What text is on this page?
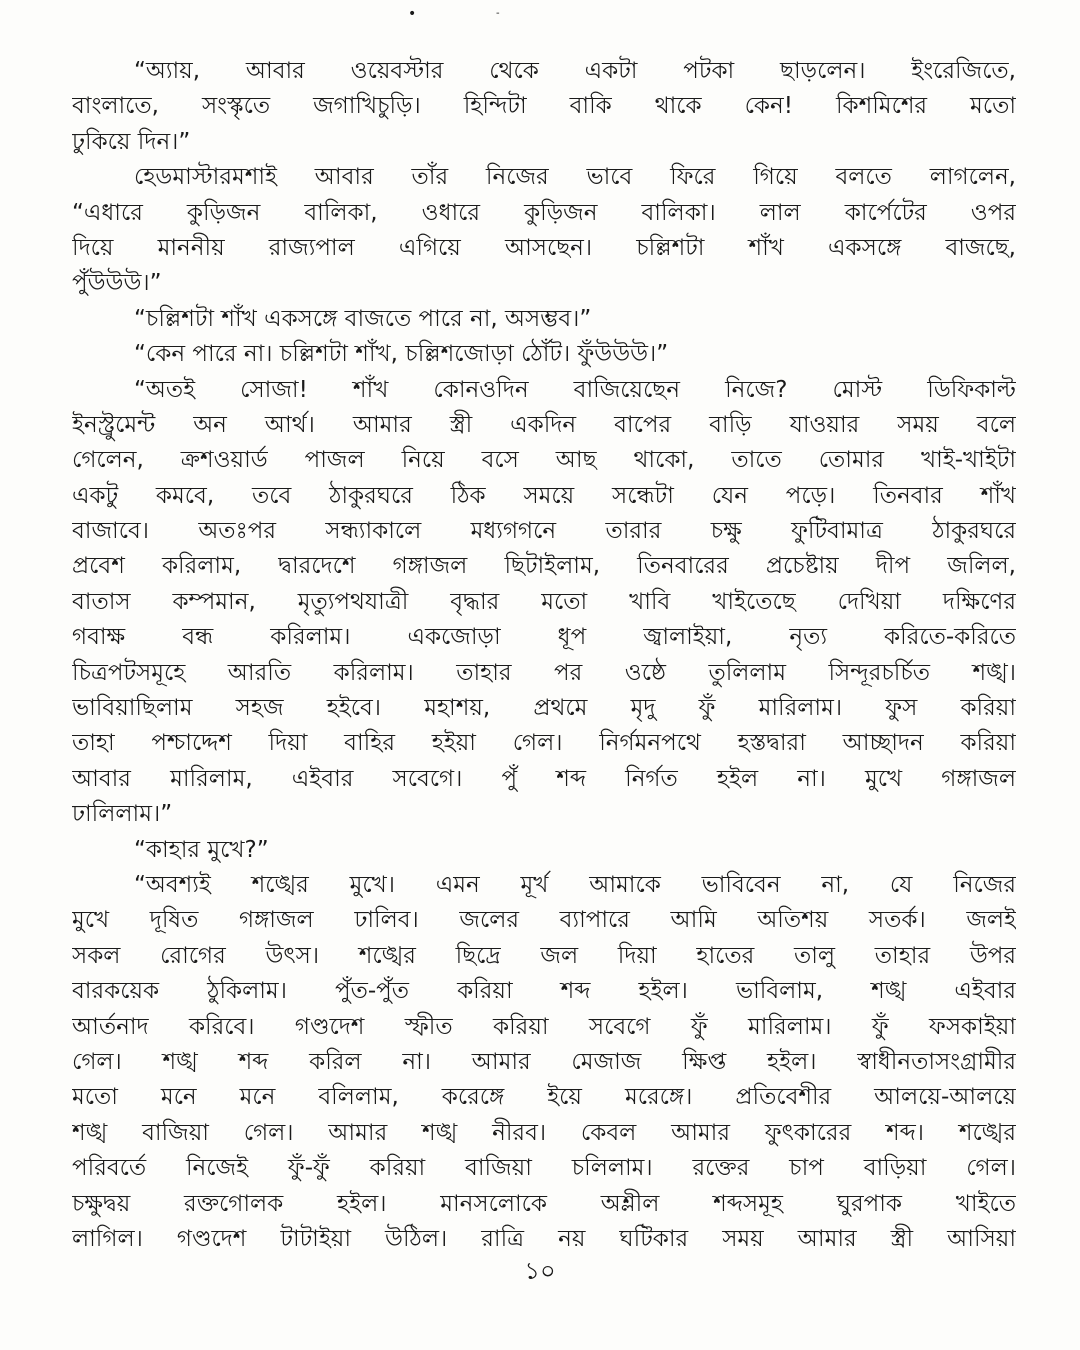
•	-
“অ্যায়, আবার ওয়েবস্টার থেকে একটা পটকা ছাড়লেন। ইংরেজিতে,
বাংলাতে, সংস্কৃতে জগাখিচুড়ি। হিন্দিটা বাকি থাকে কেন! কিশমিশের মতো
ঢুকিয়ে দিন।”
হেডমাস্টারমশাই আবার তাঁর নিজের ভাবে ফিরে গিয়ে বলতে লাগলেন,
“এধারে কুড়িজন বালিকা, ওধারে কুড়িজন বালিকা। লাল কার্পেটের ওপর
দিয়ে মাননীয় রাজ্যপাল এগিয়ে আসছেন। চল্লিশটা শাঁখ একসঙ্গে বাজছে,
পুঁউউউ।”
“চল্লিশটা শাঁখ একসঙ্গে বাজতে পারে না, অসম্ভব।”
“কেন পারে না। চল্লিশটা শাঁখ, চল্লিশজোড়া ঠোঁট। ফুঁউউউ।”
“অতই সোজা! শাঁখ কোনওদিন বাজিয়েছেন নিজে? মোস্ট ডিফিকাল্ট
ইনস্ট্রুমেন্ট অন আর্থ। আমার স্ত্রী একদিন বাপের বাড়ি যাওয়ার সময় বলে
গেলেন, ক্রশওয়ার্ড পাজল নিয়ে বসে আছ থাকো, তাতে তোমার খাই-খাইটা
একটু কমবে, তবে ঠাকুরঘরে ঠিক সময়ে সন্ধেটা যেন পড়ে। তিনবার শাঁখ
বাজাবে। অতঃপর সন্ধ্যাকালে মধ্যগগনে তারার চক্ষু ফুটিবামাত্র ঠাকুরঘরে
প্রবেশ করিলাম, দ্বারদেশে গঙ্গাজল ছিটাইলাম, তিনবারের প্রচেষ্টায় দীপ জলিল,
বাতাস কম্পমান, মৃত্যুপথযাত্রী বৃদ্ধার মতো খাবি খাইতেছে দেখিয়া দক্ষিণের
গবাক্ষ বন্ধ করিলাম। একজোড়া ধূপ জ্বালাইয়া, নৃত্য করিতে-করিতে
চিত্রপটসমূহে আরতি করিলাম। তাহার পর ওষ্ঠে তুলিলাম সিন্দূরচর্চিত শঙ্খ।
ভাবিয়াছিলাম সহজ হইবে। মহাশয়, প্রথমে মৃদু ফুঁ মারিলাম। ফুস করিয়া
তাহা পশ্চাদ্দেশ দিয়া বাহির হইয়া গেল। নির্গমনপথে হস্তদ্বারা আচ্ছাদন করিয়া
আবার মারিলাম, এইবার সবেগে। পুঁ শব্দ নির্গত হইল না। মুখে গঙ্গাজল
ঢালিলাম।”
“কাহার মুখে?”
“অবশ্যই শঙ্খের মুখে। এমন মূর্খ আমাকে ভাবিবেন না, যে নিজের
মুখে দূষিত গঙ্গাজল ঢালিব। জলের ব্যাপারে আমি অতিশয় সতর্ক। জলই
সকল রোগের উৎস। শঙ্খের ছিদ্রে জল দিয়া হাতের তালু তাহার উপর
বারকয়েক ঠুকিলাম। পুঁত-পুঁত করিয়া শব্দ হইল। ভাবিলাম, শঙ্খ এইবার
আর্তনাদ করিবে। গণ্ডদেশ স্ফীত করিয়া সবেগে ফুঁ মারিলাম। ফুঁ ফসকাইয়া
গেল। শঙ্খ শব্দ করিল না। আমার মেজাজ ক্ষিপ্ত হইল। স্বাধীনতাসংগ্রামীর
মতো মনে মনে বলিলাম, করেঙ্গে ইয়ে মরেঙ্গে। প্রতিবেশীর আলয়ে-আলয়ে
শঙ্খ বাজিয়া গেল। আমার শঙ্খ নীরব। কেবল আমার ফুৎকারের শব্দ। শঙ্খের
পরিবর্তে নিজেই ফুঁ-ফুঁ করিয়া বাজিয়া চলিলাম। রক্তের চাপ বাড়িয়া গেল।
চক্ষুদ্বয় রক্তগোলক হইল। মানসলোকে অশ্লীল শব্দসমূহ ঘুরপাক খাইতে
লাগিল। গণ্ডদেশ টাটাইয়া উঠিল। রাত্রি নয় ঘটিকার সময় আমার স্ত্রী আসিয়া
১০
